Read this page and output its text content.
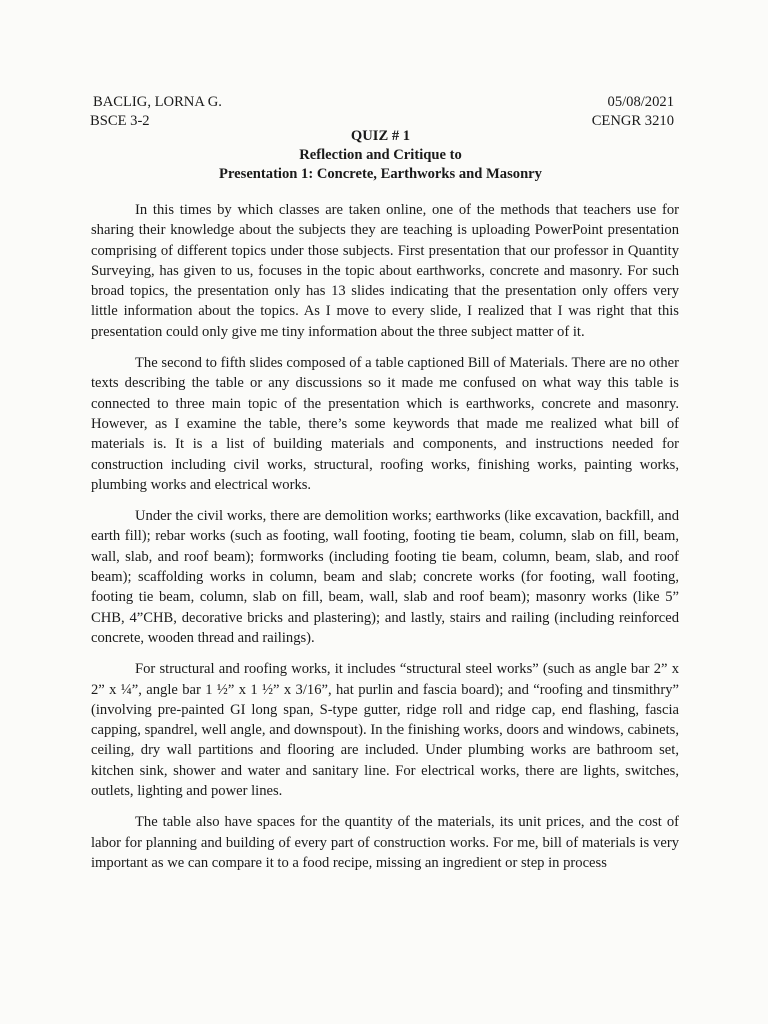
BACLIG, LORNA G.	05/08/2021
BSCE 3-2	CENGR 3210
QUIZ # 1
Reflection and Critique to
Presentation 1: Concrete, Earthworks and Masonry

In this times by which classes are taken online, one of the methods that teachers use for sharing their knowledge about the subjects they are teaching is uploading PowerPoint presentation comprising of different topics under those subjects. First presentation that our professor in Quantity Surveying, has given to us, focuses in the topic about earthworks, concrete and masonry. For such broad topics, the presentation only has 13 slides indicating that the presentation only offers very little information about the topics. As I move to every slide, I realized that I was right that this presentation could only give me tiny information about the three subject matter of it.

The second to fifth slides composed of a table captioned Bill of Materials. There are no other texts describing the table or any discussions so it made me confused on what way this table is connected to three main topic of the presentation which is earthworks, concrete and masonry. However, as I examine the table, there’s some keywords that made me realized what bill of materials is. It is a list of building materials and components, and instructions needed for construction including civil works, structural, roofing works, finishing works, painting works, plumbing works and electrical works.

Under the civil works, there are demolition works; earthworks (like excavation, backfill, and earth fill); rebar works (such as footing, wall footing, footing tie beam, column, slab on fill, beam, wall, slab, and roof beam); formworks (including footing tie beam, column, beam, slab, and roof beam); scaffolding works in column, beam and slab; concrete works (for footing, wall footing, footing tie beam, column, slab on fill, beam, wall, slab and roof beam); masonry works (like 5” CHB, 4”CHB, decorative bricks and plastering); and lastly, stairs and railing (including reinforced concrete, wooden thread and railings).

For structural and roofing works, it includes “structural steel works” (such as angle bar 2” x 2” x ¼”, angle bar 1 ½” x 1 ½” x 3/16”, hat purlin and fascia board); and “roofing and tinsmithry” (involving pre-painted GI long span, S-type gutter, ridge roll and ridge cap, end flashing, fascia capping, spandrel, well angle, and downspout). In the finishing works, doors and windows, cabinets, ceiling, dry wall partitions and flooring are included. Under plumbing works are bathroom set, kitchen sink, shower and water and sanitary line. For electrical works, there are lights, switches, outlets, lighting and power lines.

The table also have spaces for the quantity of the materials, its unit prices, and the cost of labor for planning and building of every part of construction works. For me, bill of materials is very important as we can compare it to a food recipe, missing an ingredient or step in process
